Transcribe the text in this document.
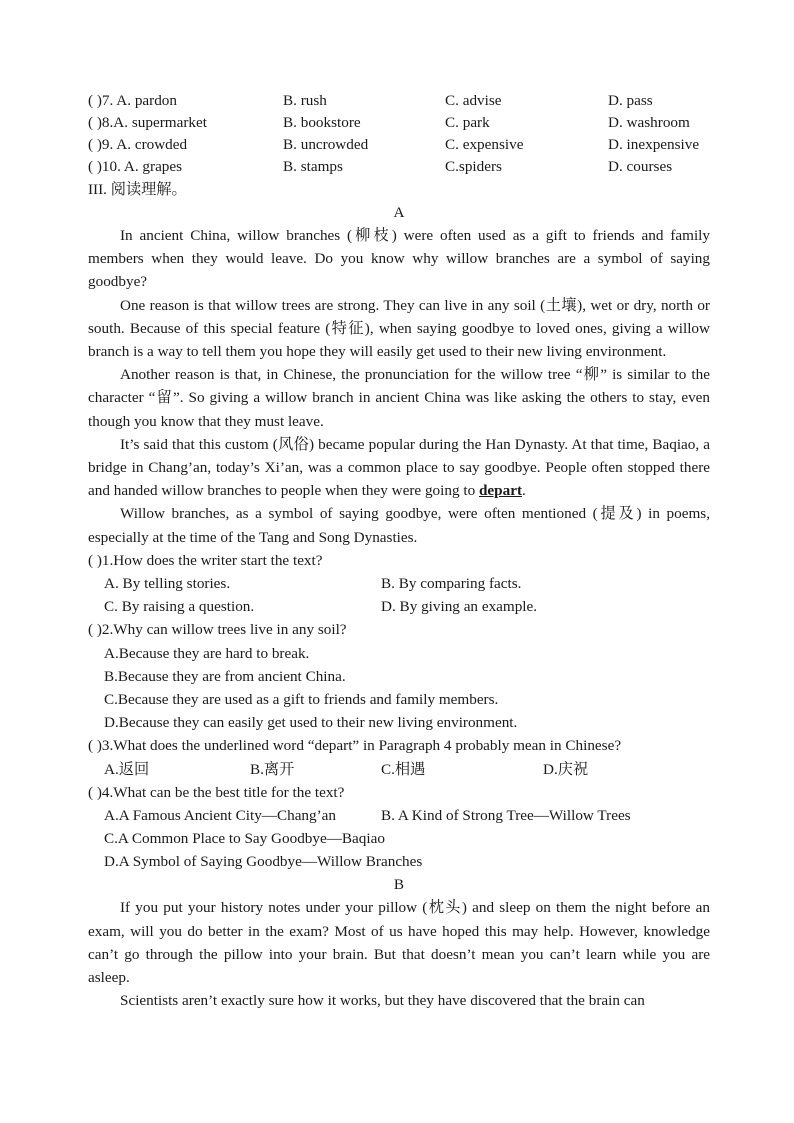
( )7. A. pardon	B. rush	C. advise	D. pass
( )8.A. supermarket	B. bookstore	C. park	D. washroom
( )9. A. crowded	B. uncrowded	C. expensive	D. inexpensive
( )10. A. grapes	B. stamps	C.spiders	D. courses
III. 阅读理解。
A

In ancient China, willow branches (柳枝) were often used as a gift to friends and family members when they would leave. Do you know why willow branches are a symbol of saying goodbye?

One reason is that willow trees are strong. They can live in any soil (土壤), wet or dry, north or south. Because of this special feature (特征), when saying goodbye to loved ones, giving a willow branch is a way to tell them you hope they will easily get used to their new living environment.

Another reason is that, in Chinese, the pronunciation for the willow tree “柳” is similar to the character “留”. So giving a willow branch in ancient China was like asking the others to stay, even though you know that they must leave.

It’s said that this custom (风俗) became popular during the Han Dynasty. At that time, Baqiao, a bridge in Chang’an, today’s Xi’an, was a common place to say goodbye. People often stopped there and handed willow branches to people when they were going to depart.

Willow branches, as a symbol of saying goodbye, were often mentioned (提及) in poems, especially at the time of the Tang and Song Dynasties.

( )1.How does the writer start the text?
A. By telling stories.	B. By comparing facts.
C. By raising a question.	D. By giving an example.
( )2.Why can willow trees live in any soil?
A.Because they are hard to break.
B.Because they are from ancient China.
C.Because they are used as a gift to friends and family members.
D.Because they can easily get used to their new living environment.
( )3.What does the underlined word “depart” in Paragraph 4 probably mean in Chinese?
A.返回	B.离开	C.相遇	D.庆祝
( )4.What can be the best title for the text?
A.A Famous Ancient City—Chang’an	B. A Kind of Strong Tree—Willow Trees
C.A Common Place to Say Goodbye—Baqiao
D.A Symbol of Saying Goodbye—Willow Branches
B

If you put your history notes under your pillow (枕头) and sleep on them the night before an exam, will you do better in the exam? Most of us have hoped this may help. However, knowledge can’t go through the pillow into your brain. But that doesn’t mean you can’t learn while you are asleep.

Scientists aren’t exactly sure how it works, but they have discovered that the brain can
